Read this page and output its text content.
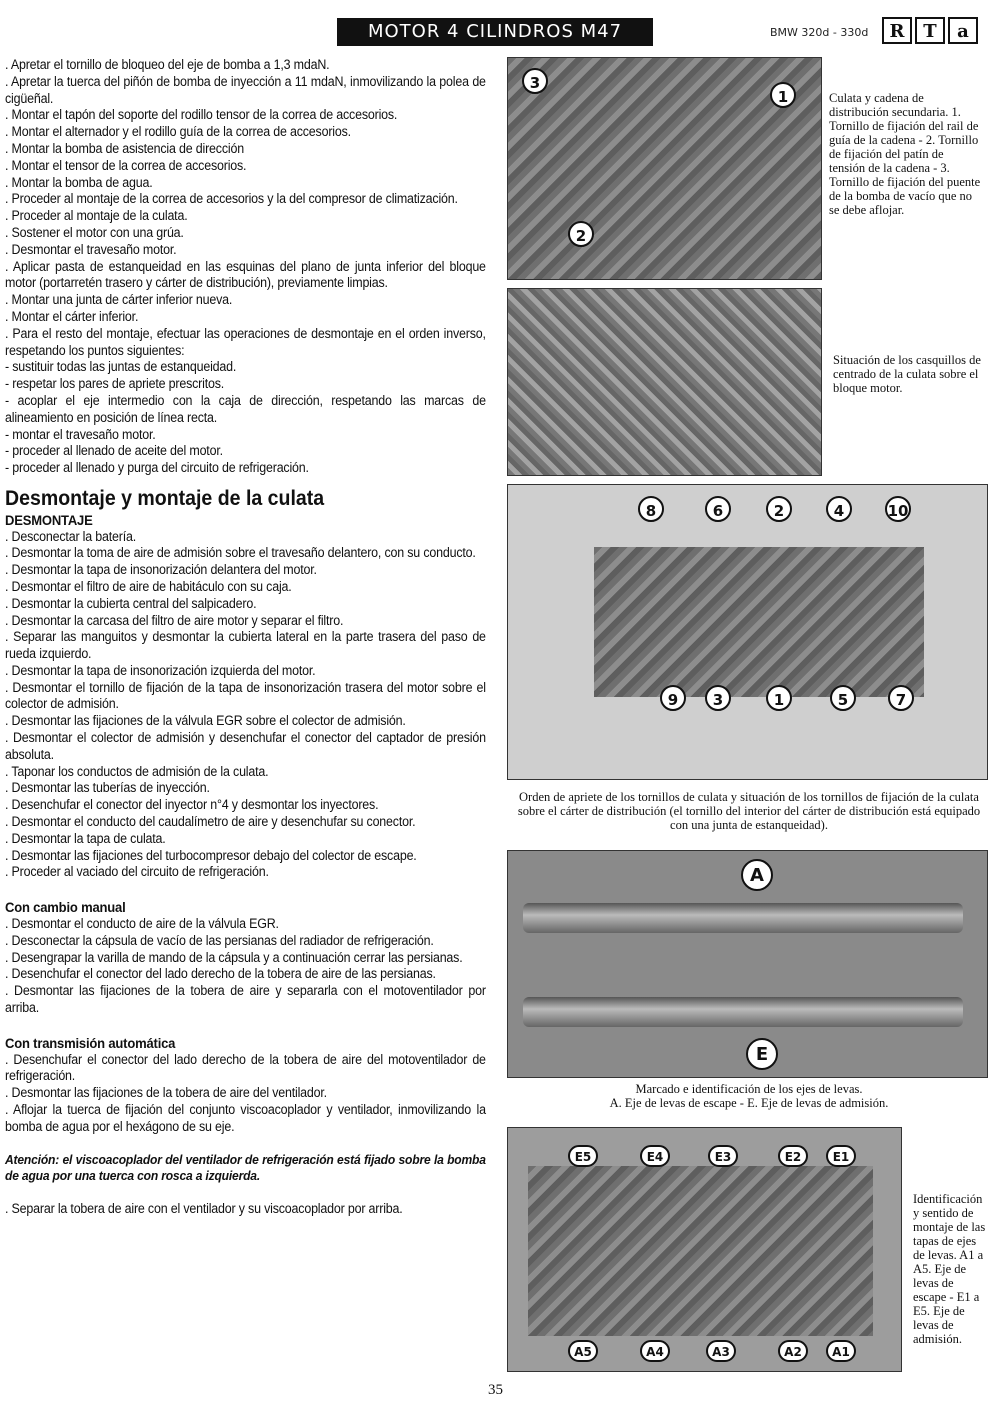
MOTOR 4 CILINDROS M47	BMW 320d - 330d	R	T	a

. Apretar el tornillo de bloqueo del eje de bomba a 1,3 mdaN.

. Apretar la tuerca del piñón de bomba de inyección a 11 mdaN, inmovilizando la polea de cigüeñal.

. Montar el tapón del soporte del rodillo tensor de la correa de accesorios.

. Montar el alternador y el rodillo guía de la correa de accesorios.

. Montar la bomba de asistencia de dirección

. Montar el tensor de la correa de accesorios.

. Montar la bomba de agua.

. Proceder al montaje de la correa de accesorios y la del compresor de climatización.

. Proceder al montaje de la culata.

. Sostener el motor con una grúa.

. Desmontar el travesaño motor.

. Aplicar pasta de estanqueidad en las esquinas del plano de junta inferior del bloque motor (portarretén trasero y cárter de distribución), previamente limpias.

. Montar una junta de cárter inferior nueva.

. Montar el cárter inferior.

. Para el resto del montaje, efectuar las operaciones de desmontaje en el orden inverso, respetando los puntos siguientes:

- sustituir todas las juntas de estanqueidad.

- respetar los pares de apriete prescritos.

- acoplar el eje intermedio con la caja de dirección, respetando las marcas de alineamiento en posición de línea recta.

- montar el travesaño motor.

- proceder al llenado de aceite del motor.

- proceder al llenado y purga del circuito de refrigeración.

Desmontaje y montaje de la culata

DESMONTAJE

. Desconectar la batería.

. Desmontar la toma de aire de admisión sobre el travesaño delantero, con su conducto.

. Desmontar la tapa de insonorización delantera del motor.

. Desmontar el filtro de aire de habitáculo con su caja.

. Desmontar la cubierta central del salpicadero.

. Desmontar la carcasa del filtro de aire motor y separar el filtro.

. Separar las manguitos y desmontar la cubierta lateral en la parte trasera del paso de rueda izquierdo.

. Desmontar la tapa de insonorización izquierda del motor.

. Desmontar el tornillo de fijación de la tapa de insonorización trasera del motor sobre el colector de admisión.

. Desmontar las fijaciones de la válvula EGR sobre el colector de admisión.

. Desmontar el colector de admisión y desenchufar el conector del captador de presión absoluta.

. Taponar los conductos de admisión de la culata.

. Desmontar las tuberías de inyección.

. Desenchufar el conector del inyector n°4 y desmontar los inyectores.

. Desmontar el conducto del caudalímetro de aire y desenchufar su conector.

. Desmontar la tapa de culata.

. Desmontar las fijaciones del turbocompresor debajo del colector de escape.

. Proceder al vaciado del circuito de refrigeración.

Con cambio manual

. Desmontar el conducto de aire de la válvula EGR.

. Desconectar la cápsula de vacío de las persianas del radiador de refrigeración.

. Desengrapar la varilla de mando de la cápsula y a continuación cerrar las persianas.

. Desenchufar el conector del lado derecho de la tobera de aire de las persianas.

. Desmontar las fijaciones de la tobera de aire y separarla con el motoventilador por arriba.

Con transmisión automática

. Desenchufar el conector del lado derecho de la tobera de aire del motoventilador de refrigeración.

. Desmontar las fijaciones de la tobera de aire del ventilador.

. Aflojar la tuerca de fijación del conjunto viscoacoplador y ventilador, inmovilizando la bomba de agua por el hexágono de su eje.

Atención: el viscoacoplador del ventilador de refrigeración está fijado sobre la bomba de agua por una tuerca con rosca a izquierda.

. Separar la tobera de aire con el ventilador y su viscoacoplador por arriba.

3
1
2
Culata y cadena de distribución secundaria. 1. Tornillo de fijación del rail de guía de la cadena - 2. Tornillo de fijación del patín de tensión de la cadena - 3. Tornillo de fijación del puente de la bomba de vacío que no se debe aflojar.
Situación de los casquillos de centrado de la culata sobre el bloque motor.
8	6	2	4	10
9	3	1	5	7
Orden de apriete de los tornillos de culata y situación de los tornillos de fijación de la culata sobre el cárter de distribución (el tornillo del interior del cárter de distribución está equipado con una junta de estanqueidad).
A
E
Marcado e identificación de los ejes de levas.
A. Eje de levas de escape - E. Eje de levas de admisión.
E5	E4	E3	E2	E1
A5	A4	A3	A2	A1
Identificación y sentido de montaje de las tapas de ejes de levas. A1 a A5. Eje de levas de escape - E1 a E5. Eje de levas de admisión.
35
